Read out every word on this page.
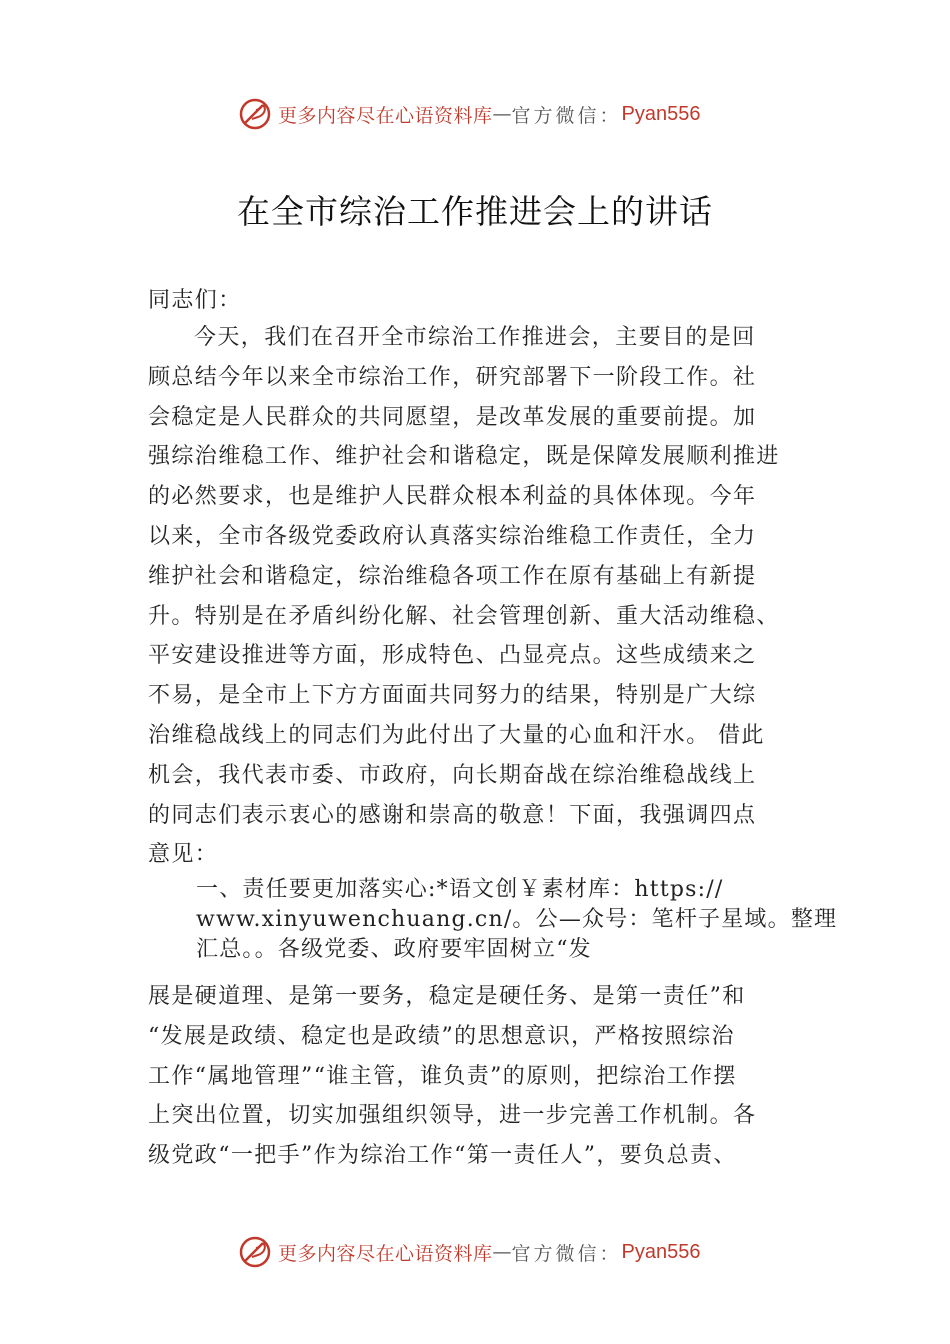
更多内容尽在心语资料库 — 官方微信： Pyan556
在全市综治工作推进会上的讲话
同志们：
今天，我们在召开全市综治工作推进会，主要目的是回
顾总结今年以来全市综治工作，研究部署下一阶段工作。社
会稳定是人民群众的共同愿望，是改革发展的重要前提。加
强综治维稳工作、维护社会和谐稳定，既是保障发展顺利推进
的必然要求，也是维护人民群众根本利益的具体体现。今年
以来，全市各级党委政府认真落实综治维稳工作责任，全力
维护社会和谐稳定，综治维稳各项工作在原有基础上有新提
升。特别是在矛盾纠纷化解、社会管理创新、重大活动维稳、
平安建设推进等方面，形成特色、凸显亮点。这些成绩来之
不易，是全市上下方方面面共同努力的结果，特别是广大综
治维稳战线上的同志们为此付出了大量的心血和汗水。 借此
机会，我代表市委、市政府，向长期奋战在综治维稳战线上
的同志们表示衷心的感谢和崇高的敬意！下面，我强调四点
意见：
一、责任要更加落实心:*语文创￥素材库：https://
www.xinyuwenchuang.cn/。公—众号：笔杆子星域。整理
汇总。。各级党委、政府要牢固树立“发
展是硬道理、是第一要务，稳定是硬任务、是第一责任”和
“发展是政绩、稳定也是政绩”的思想意识，严格按照综治
工作“属地管理”“谁主管，谁负责”的原则，把综治工作摆
上突出位置，切实加强组织领导，进一步完善工作机制。各
级党政“一把手”作为综治工作“第一责任人”，要负总责、
更多内容尽在心语资料库 — 官方微信： Pyan556
